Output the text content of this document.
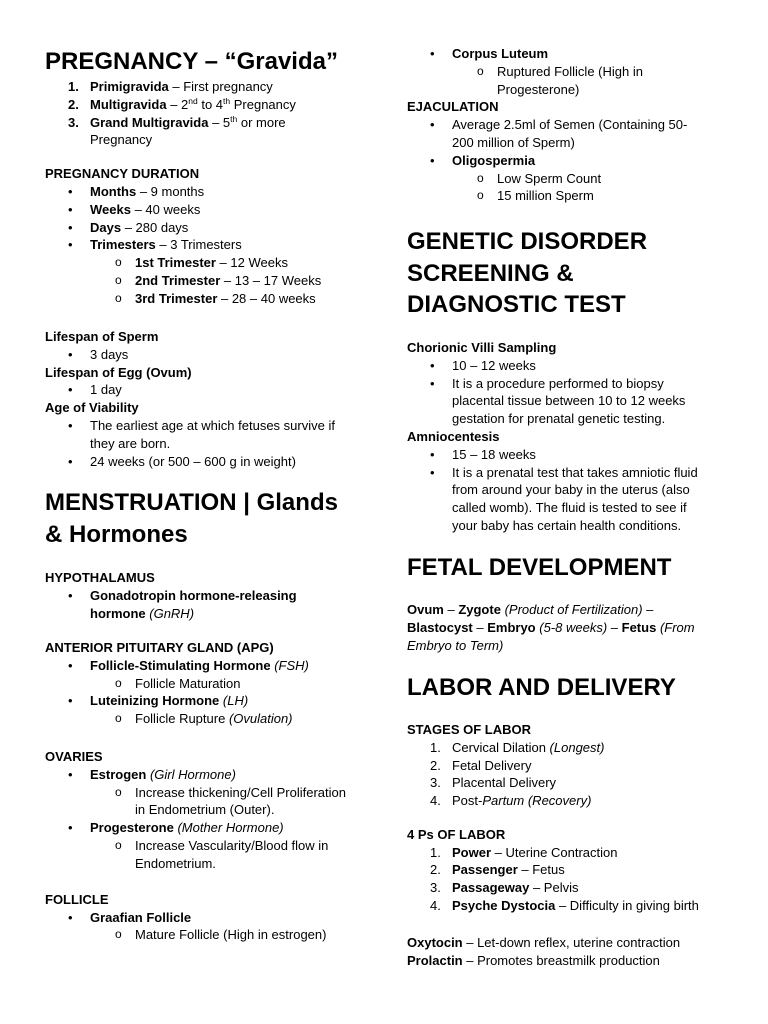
PREGNANCY – “Gravida”
1. Primigravida – First pregnancy
2. Multigravida – 2nd to 4th Pregnancy
3. Grand Multigravida – 5th or more
Pregnancy
PREGNANCY DURATION
• Months – 9 months
• Weeks – 40 weeks
• Days – 280 days
• Trimesters – 3 Trimesters
o 1st Trimester – 12 Weeks
o 2nd Trimester – 13 – 17 Weeks
o 3rd Trimester – 28 – 40 weeks
Lifespan of Sperm
• 3 days
Lifespan of Egg (Ovum)
• 1 day
Age of Viability
• The earliest age at which fetuses survive if
they are born.
• 24 weeks (or 500 – 600 g in weight)
MENSTRUATION | Glands
& Hormones
HYPOTHALAMUS
• Gonadotropin hormone-releasing
hormone (GnRH)
ANTERIOR PITUITARY GLAND (APG)
• Follicle-Stimulating Hormone (FSH)
o Follicle Maturation
• Luteinizing Hormone (LH)
o Follicle Rupture (Ovulation)
OVARIES
• Estrogen (Girl Hormone)
o Increase thickening/Cell Proliferation
in Endometrium (Outer).
• Progesterone (Mother Hormone)
o Increase Vascularity/Blood flow in
Endometrium.
FOLLICLE
• Graafian Follicle
o Mature Follicle (High in estrogen)
• Corpus Luteum
o Ruptured Follicle (High in
Progesterone)
EJACULATION
• Average 2.5ml of Semen (Containing 50-
200 million of Sperm)
• Oligospermia
o Low Sperm Count
o 15 million Sperm
GENETIC DISORDER
SCREENING &
DIAGNOSTIC TEST
Chorionic Villi Sampling
• 10 – 12 weeks
• It is a procedure performed to biopsy
placental tissue between 10 to 12 weeks
gestation for prenatal genetic testing.
Amniocentesis
• 15 – 18 weeks
• It is a prenatal test that takes amniotic fluid
from around your baby in the uterus (also
called womb). The fluid is tested to see if
your baby has certain health conditions.
FETAL DEVELOPMENT
Ovum – Zygote (Product of Fertilization) –
Blastocyst – Embryo (5-8 weeks) – Fetus (From
Embryo to Term)
LABOR AND DELIVERY
STAGES OF LABOR
1. Cervical Dilation (Longest)
2. Fetal Delivery
3. Placental Delivery
4. Post-Partum (Recovery)
4 Ps OF LABOR
1. Power – Uterine Contraction
2. Passenger – Fetus
3. Passageway – Pelvis
4. Psyche Dystocia – Difficulty in giving birth
Oxytocin – Let-down reflex, uterine contraction
Prolactin – Promotes breastmilk production
